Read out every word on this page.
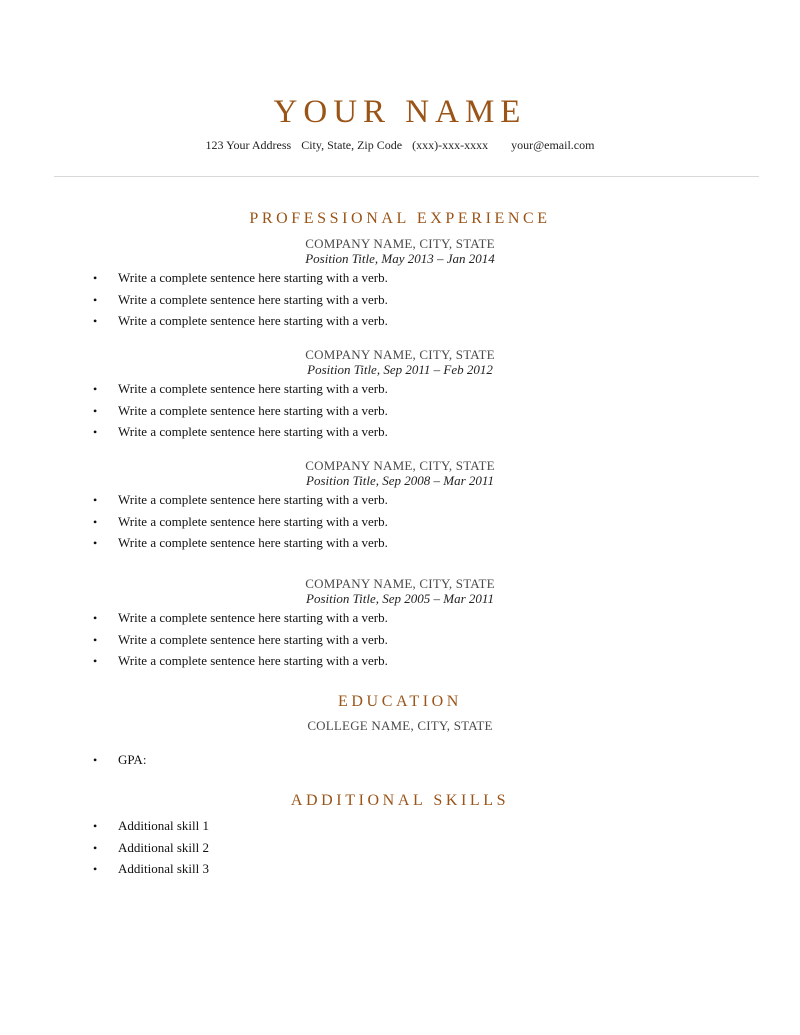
YOUR NAME
123 Your Address City, State, Zip Code (xxx)-xxx-xxxx your@email.com
PROFESSIONAL EXPERIENCE
COMPANY NAME, CITY, STATE
Position Title, May 2013 – Jan 2014
• Write a complete sentence here starting with a verb.
• Write a complete sentence here starting with a verb.
• Write a complete sentence here starting with a verb.
COMPANY NAME, CITY, STATE
Position Title, Sep 2011 – Feb 2012
• Write a complete sentence here starting with a verb.
• Write a complete sentence here starting with a verb.
• Write a complete sentence here starting with a verb.
COMPANY NAME, CITY, STATE
Position Title, Sep 2008 – Mar 2011
• Write a complete sentence here starting with a verb.
• Write a complete sentence here starting with a verb.
• Write a complete sentence here starting with a verb.
COMPANY NAME, CITY, STATE
Position Title, Sep 2005 – Mar 2011
• Write a complete sentence here starting with a verb.
• Write a complete sentence here starting with a verb.
• Write a complete sentence here starting with a verb.
EDUCATION
COLLEGE NAME, CITY, STATE
• GPA:
ADDITIONAL SKILLS
• Additional skill 1
• Additional skill 2
• Additional skill 3
